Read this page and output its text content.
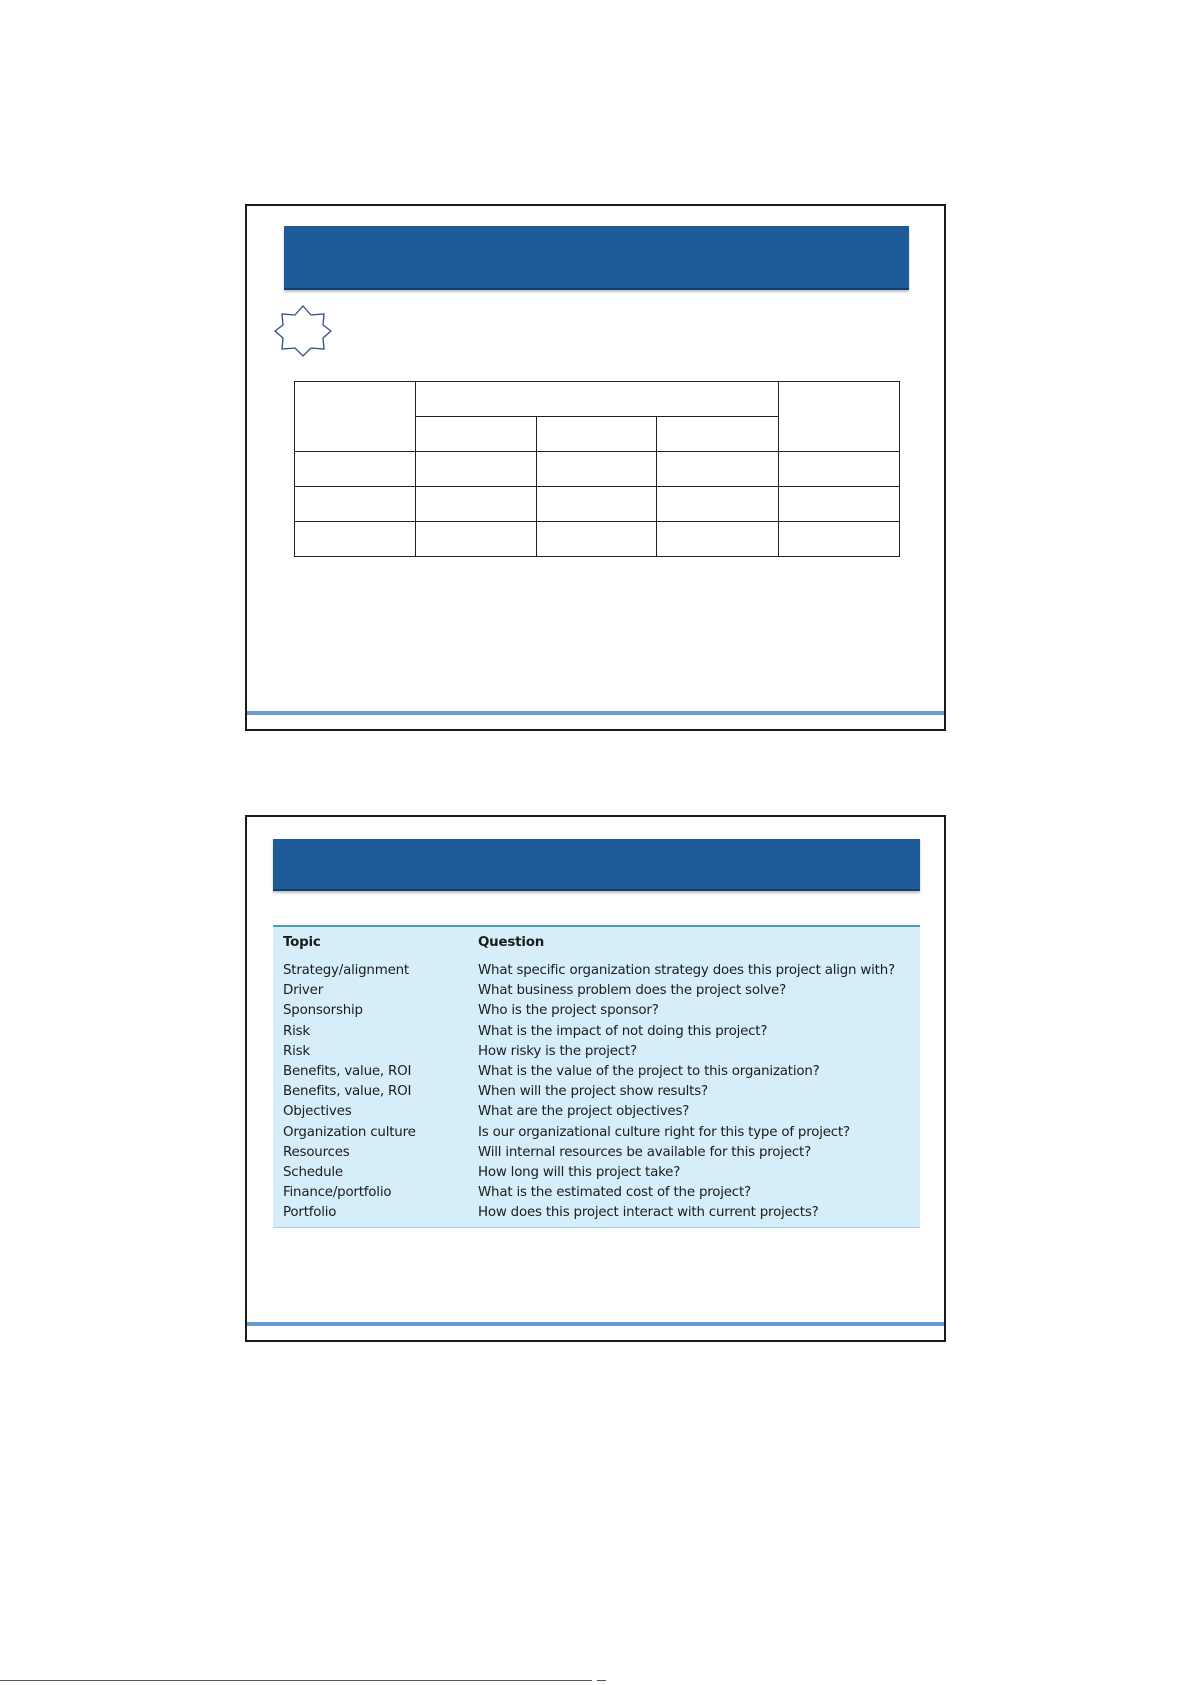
Topic	Question
Strategy/alignment	What specific organization strategy does this project align with?
Driver	What business problem does the project solve?
Sponsorship	Who is the project sponsor?
Risk	What is the impact of not doing this project?
Risk	How risky is the project?
Benefits, value, ROI	What is the value of the project to this organization?
Benefits, value, ROI	When will the project show results?
Objectives	What are the project objectives?
Organization culture	Is our organizational culture right for this type of project?
Resources	Will internal resources be available for this project?
Schedule	How long will this project take?
Finance/portfolio	What is the estimated cost of the project?
Portfolio	How does this project interact with current projects?
